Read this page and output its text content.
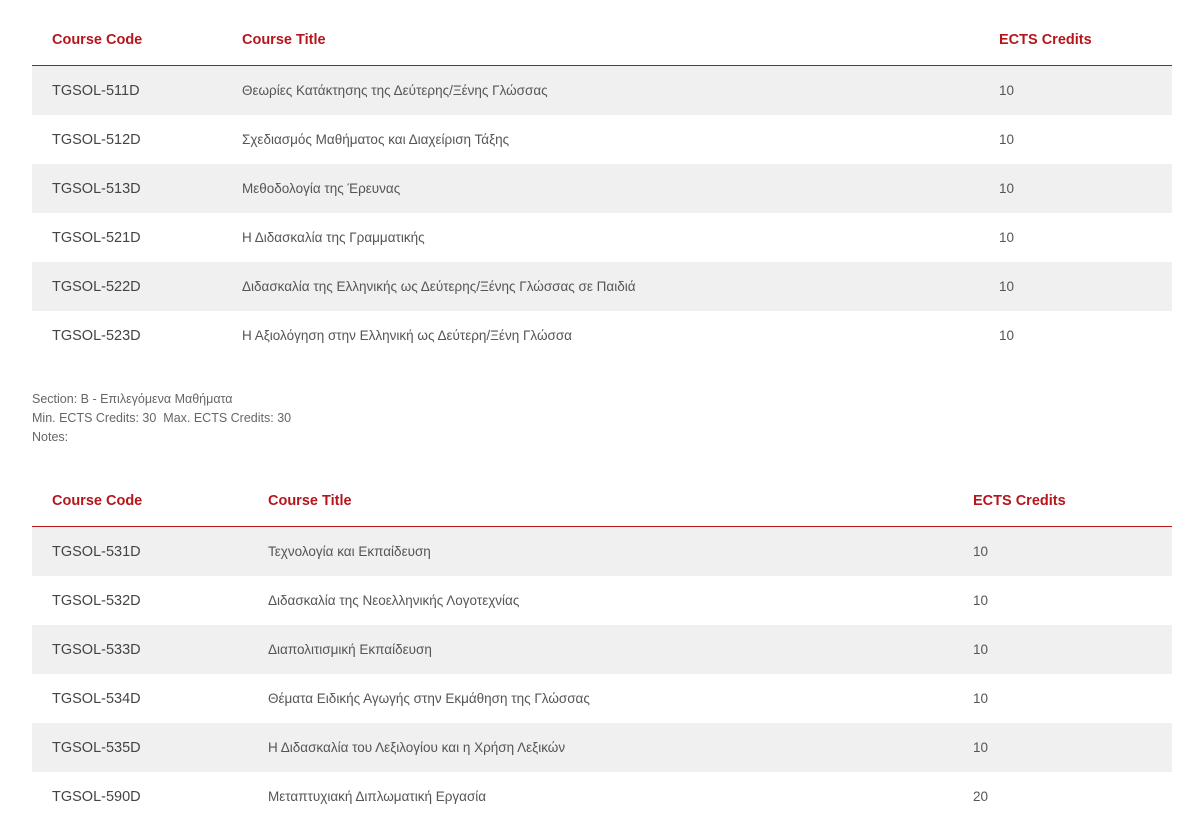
Course Code	Course Title	ECTS Credits
TGSOL-511D	Θεωρίες Κατάκτησης της Δεύτερης/Ξένης Γλώσσας	10
TGSOL-512D	Σχεδιασμός Μαθήματος και Διαχείριση Τάξης	10
TGSOL-513D	Μεθοδολογία της Έρευνας	10
TGSOL-521D	Η Διδασκαλία της Γραμματικής	10
TGSOL-522D	Διδασκαλία της Ελληνικής ως Δεύτερης/Ξένης Γλώσσας σε Παιδιά	10
TGSOL-523D	Η Αξιολόγηση στην Ελληνική ως Δεύτερη/Ξένη Γλώσσα	10
Section: B - Επιλεγόμενα Μαθήματα
Min. ECTS Credits: 30  Max. ECTS Credits: 30
Notes:
Course Code	Course Title	ECTS Credits
TGSOL-531D	Τεχνολογία και Εκπαίδευση	10
TGSOL-532D	Διδασκαλία της Νεοελληνικής Λογοτεχνίας	10
TGSOL-533D	Διαπολιτισμική Εκπαίδευση	10
TGSOL-534D	Θέματα Ειδικής Αγωγής στην Εκμάθηση της Γλώσσας	10
TGSOL-535D	Η Διδασκαλία του Λεξιλογίου και η Χρήση Λεξικών	10
TGSOL-590D	Μεταπτυχιακή Διπλωματική Εργασία	20
